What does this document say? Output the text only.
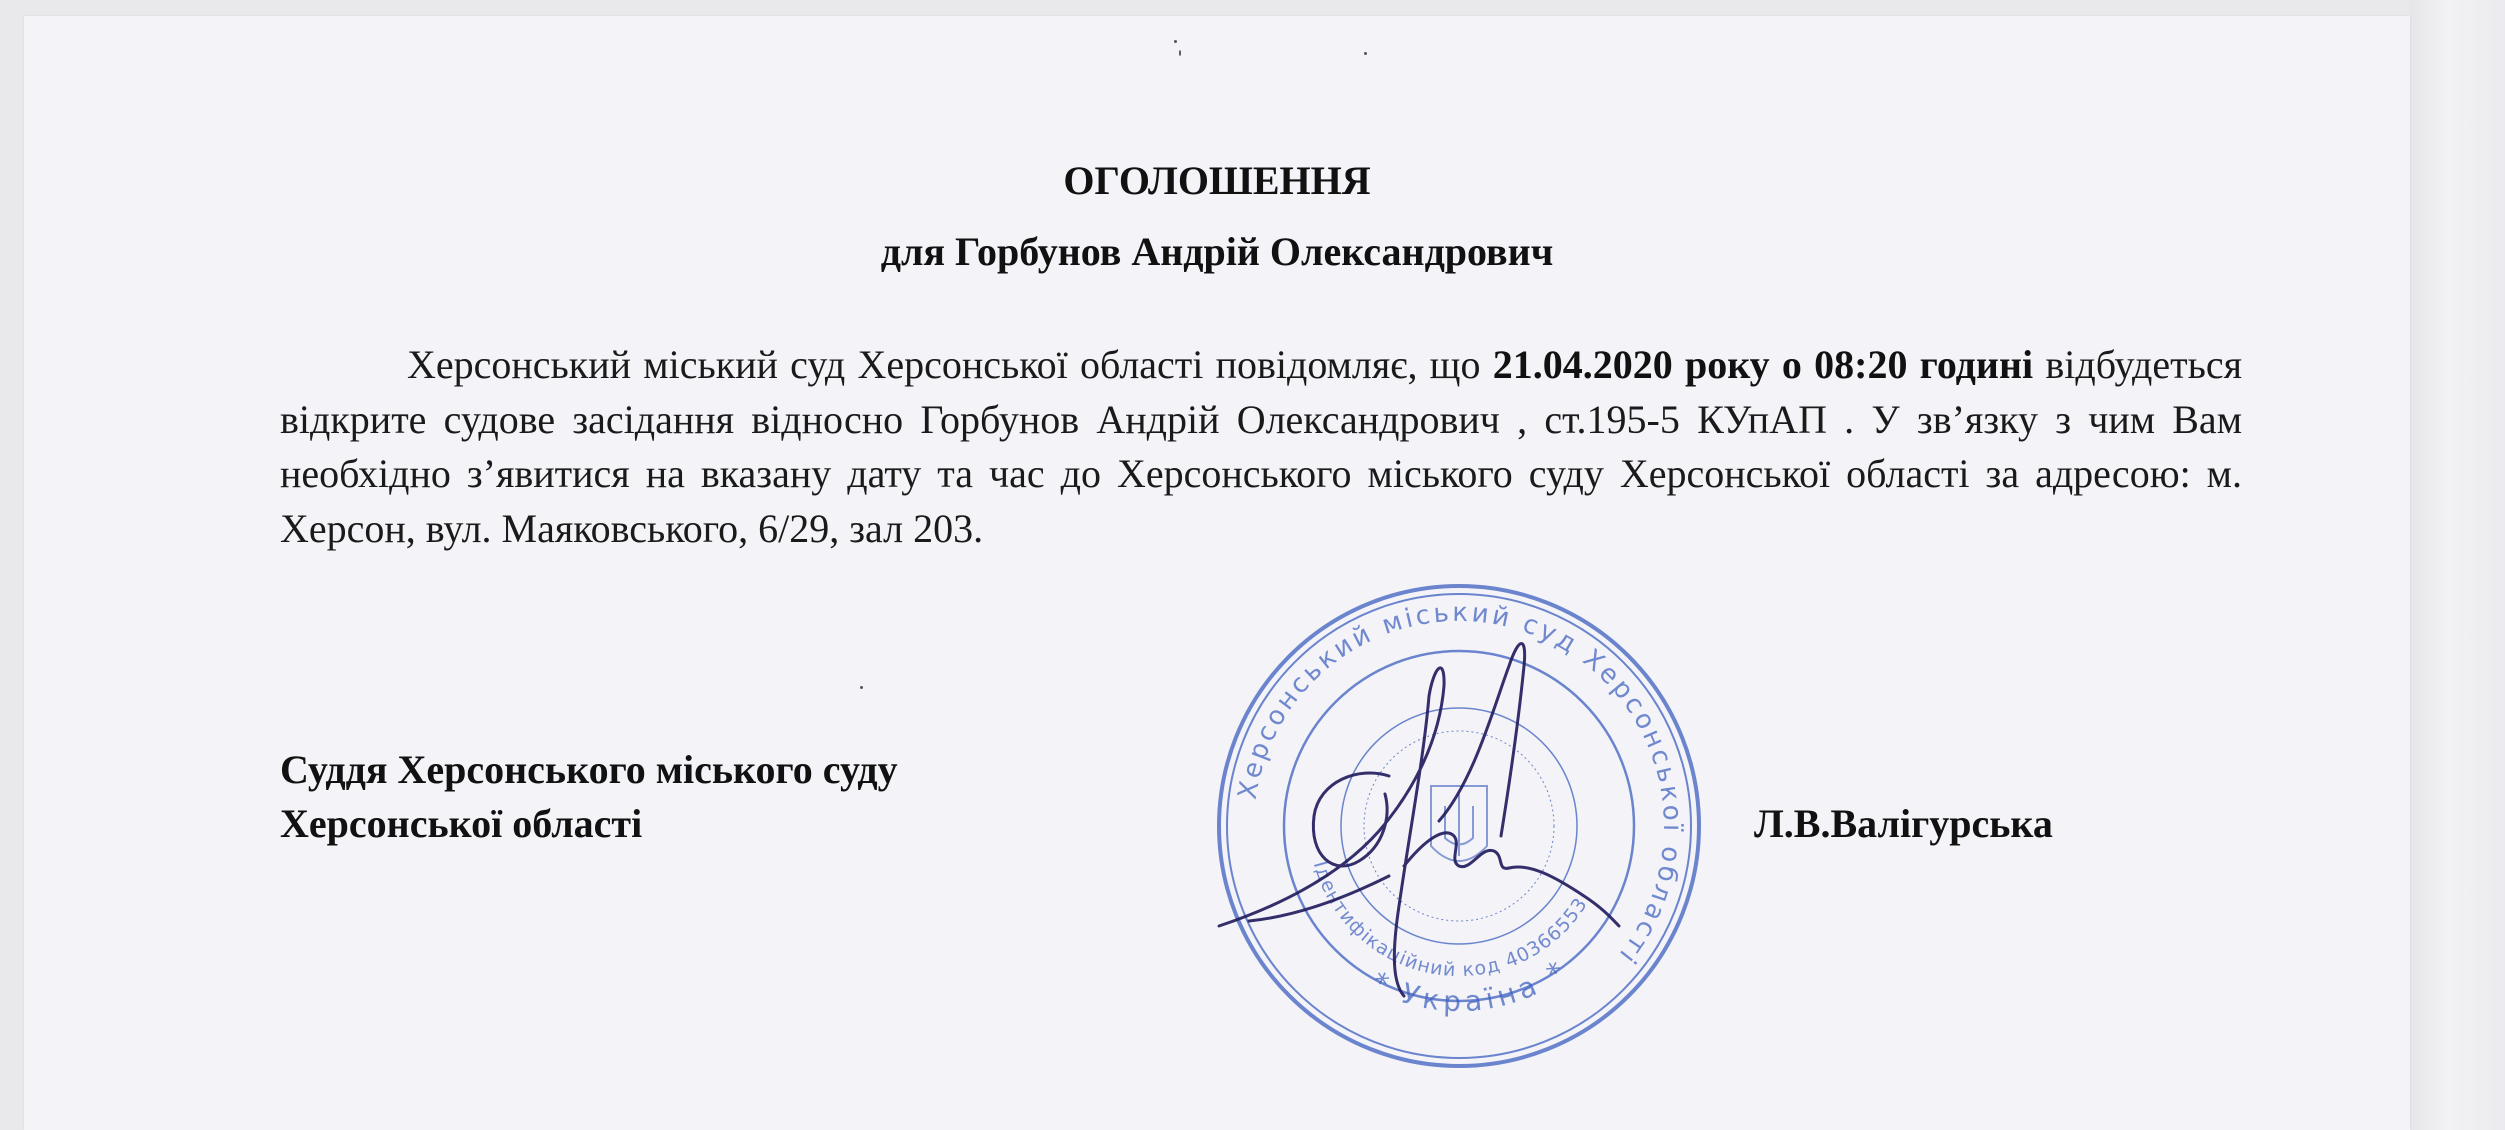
ОГОЛОШЕННЯ
для Горбунов Андрій Олександрович
Херсонський міський суд Херсонської області повідомляє, що 21.04.2020 року о 08:20 годині відбудеться відкрите судове засідання відносно Горбунов Андрій Олександрович , ст.195-5 КУпАП . У зв’язку з чим Вам необхідно з’явитися на вказану дату та час до Херсонського міського суду Херсонської області за адресою: м. Херсон, вул. Маяковського, 6/29, зал 203.
Суддя Херсонського міського суду
Херсонської області	Л.В.Валігурська
Херсонський міський суд Херсонської області
Ідентифікаційний код 40366553
* Україна *
